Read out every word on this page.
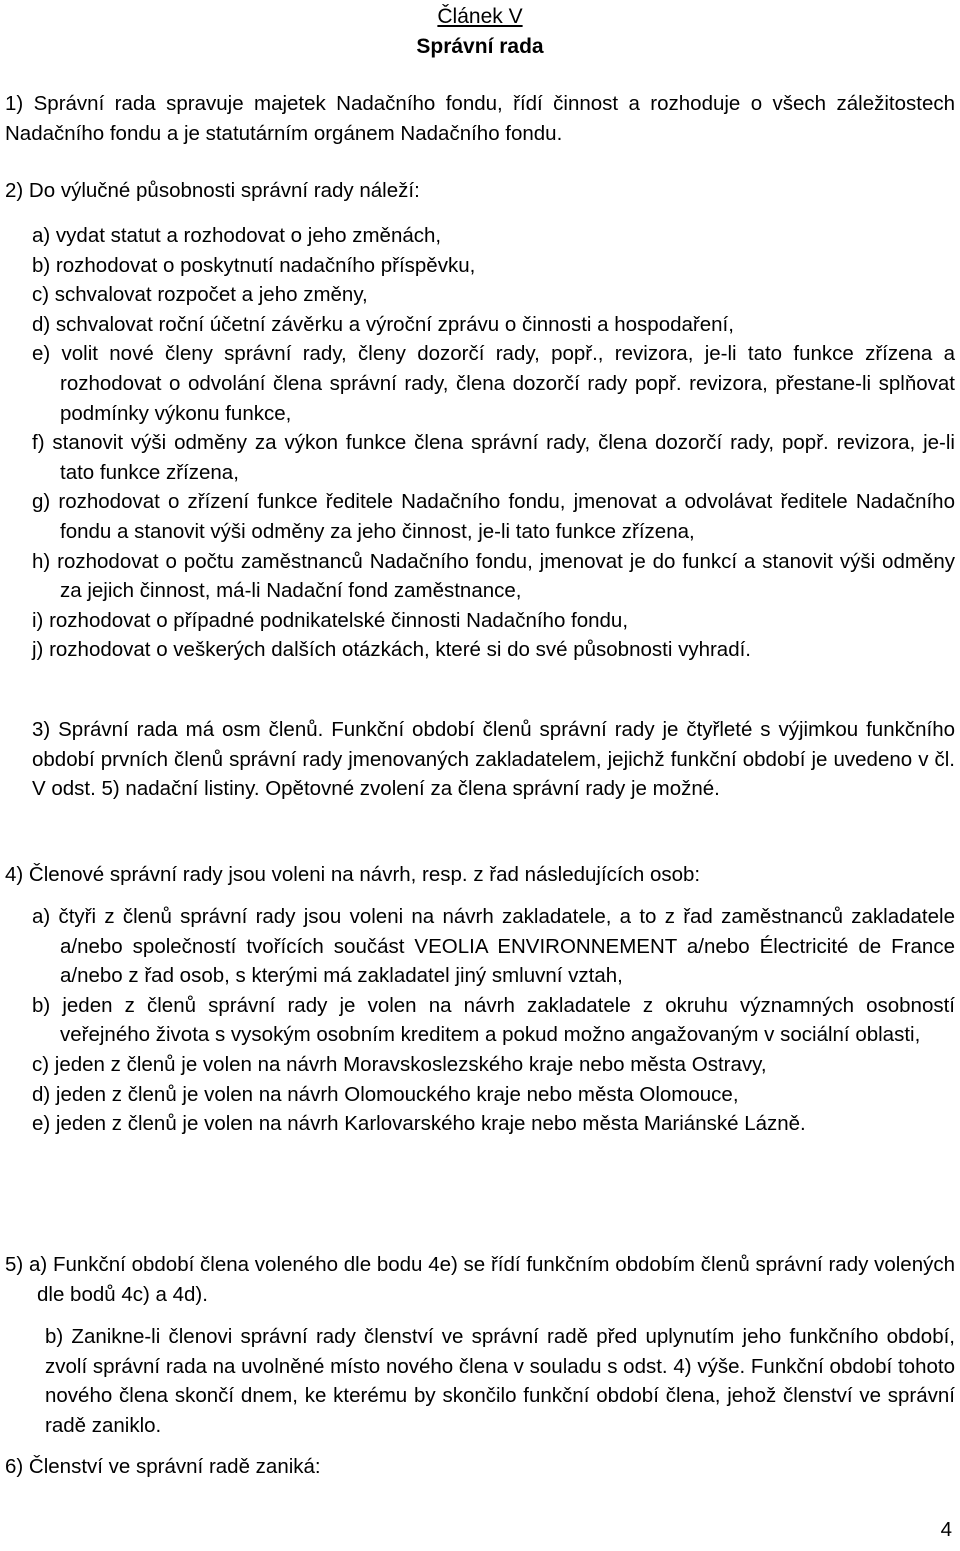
Článek V
Správní rada
1) Správní rada spravuje majetek Nadačního fondu, řídí činnost a rozhoduje o všech záležitostech Nadačního fondu a je statutárním orgánem Nadačního fondu.
2) Do výlučné působnosti správní rady náleží:
a) vydat statut a rozhodovat o jeho změnách,
b) rozhodovat o poskytnutí nadačního příspěvku,
c) schvalovat rozpočet a jeho změny,
d) schvalovat roční účetní závěrku a výroční zprávu o činnosti a hospodaření,
e) volit nové členy správní rady, členy dozorčí rady, popř., revizora, je-li tato funkce zřízena a rozhodovat o odvolání člena správní rady, člena dozorčí rady popř. revizora, přestane-li splňovat podmínky výkonu funkce,
f) stanovit výši odměny za výkon funkce člena správní rady, člena dozorčí rady, popř. revizora, je-li tato funkce zřízena,
g) rozhodovat o zřízení funkce ředitele Nadačního fondu, jmenovat a odvolávat ředitele Nadačního fondu a stanovit výši odměny za jeho činnost, je-li tato funkce zřízena,
h) rozhodovat o počtu zaměstnanců Nadačního fondu, jmenovat je do funkcí a stanovit výši odměny za jejich činnost, má-li Nadační fond zaměstnance,
i) rozhodovat o případné podnikatelské činnosti Nadačního fondu,
j) rozhodovat o veškerých dalších otázkách, které si do své působnosti vyhradí.
3) Správní rada má osm členů. Funkční období členů správní rady je čtyřleté s výjimkou funkčního období prvních členů správní rady jmenovaných zakladatelem, jejichž funkční období je uvedeno v čl. V odst. 5) nadační listiny. Opětovné zvolení za člena správní rady je možné.
4) Členové správní rady jsou voleni na návrh, resp. z řad následujících osob:
a) čtyři z členů správní rady jsou voleni na návrh zakladatele, a to z řad zaměstnanců zakladatele a/nebo společností tvořících součást VEOLIA ENVIRONNEMENT a/nebo Électricité de France a/nebo z řad osob, s kterými má zakladatel jiný smluvní vztah,
b) jeden z členů správní rady je volen na návrh zakladatele z okruhu významných osobností veřejného života s vysokým osobním kreditem a pokud možno angažovaným v sociální oblasti,
c) jeden z členů je volen na návrh Moravskoslezského kraje nebo města Ostravy,
d) jeden z členů je volen na návrh Olomouckého kraje nebo města Olomouce,
e) jeden z členů je volen na návrh Karlovarského kraje nebo města Mariánské Lázně.
5) a) Funkční období člena voleného dle bodu 4e) se řídí funkčním obdobím členů správní rady volených dle bodů 4c) a 4d).
b) Zanikne-li členovi správní rady členství ve správní radě před uplynutím jeho funkčního období, zvolí správní rada na uvolněné místo nového člena v souladu s odst. 4) výše. Funkční období tohoto nového člena skončí dnem, ke kterému by skončilo funkční období člena, jehož členství ve správní radě zaniklo.
6) Členství ve správní radě zaniká:
4
